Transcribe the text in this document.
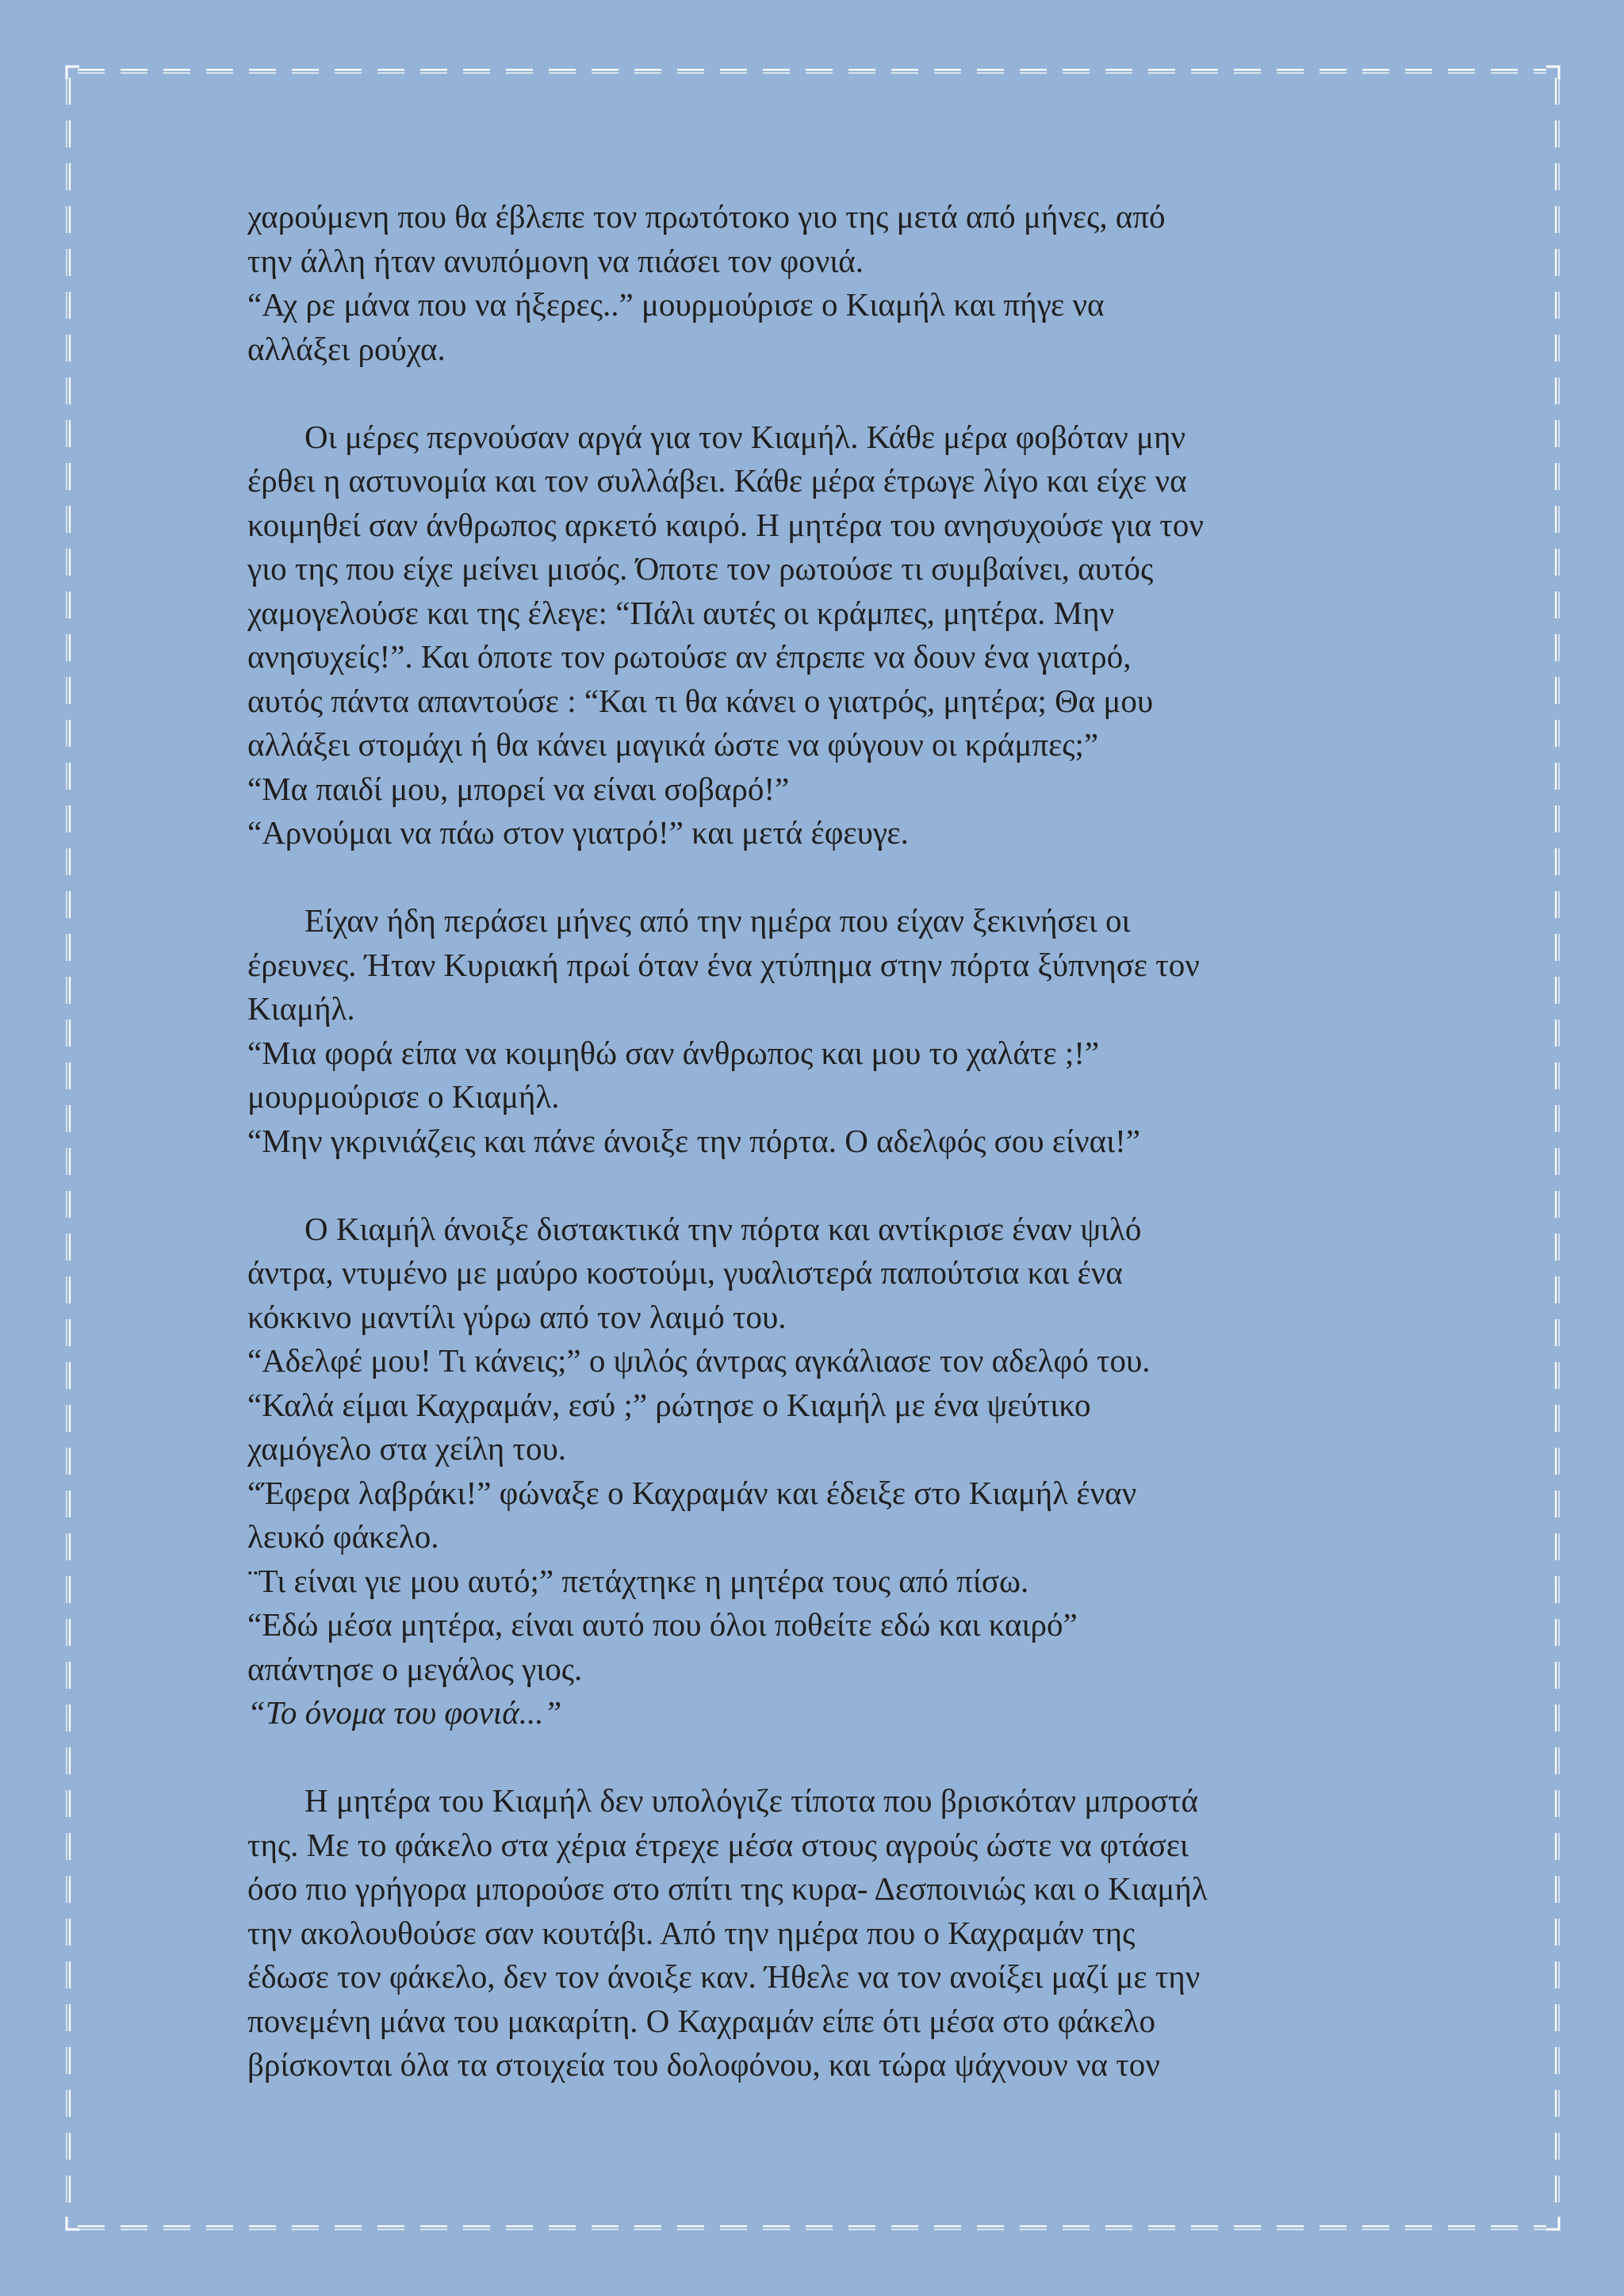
χαρούμενη που θα έβλεπε τον πρωτότοκο γιο της μετά από μήνες, από
την άλλη ήταν ανυπόμονη να πιάσει τον φονιά.
“Αχ ρε μάνα που να ήξερες..” μουρμούρισε ο Κιαμήλ και πήγε να
αλλάξει ρούχα.
Οι μέρες περνούσαν αργά για τον Κιαμήλ. Κάθε μέρα φοβόταν μην
έρθει η αστυνομία και τον συλλάβει. Κάθε μέρα έτρωγε λίγο και είχε να
κοιμηθεί σαν άνθρωπος αρκετό καιρό. Η μητέρα του ανησυχούσε για τον
γιο της που είχε μείνει μισός. Όποτε τον ρωτούσε τι συμβαίνει, αυτός
χαμογελούσε και της έλεγε: “Πάλι αυτές οι κράμπες, μητέρα. Μην
ανησυχείς!”. Και όποτε τον ρωτούσε αν έπρεπε να δουν ένα γιατρό,
αυτός πάντα απαντούσε : “Και τι θα κάνει ο γιατρός, μητέρα; Θα μου
αλλάξει στομάχι ή θα κάνει μαγικά ώστε να φύγουν οι κράμπες;”
“Μα παιδί μου, μπορεί να είναι σοβαρό!”
“Αρνούμαι να πάω στον γιατρό!” και μετά έφευγε.
Είχαν ήδη περάσει μήνες από την ημέρα που είχαν ξεκινήσει οι
έρευνες. Ήταν Κυριακή πρωί όταν ένα χτύπημα στην πόρτα ξύπνησε τον
Κιαμήλ.
“Μια φορά είπα να κοιμηθώ σαν άνθρωπος και μου το χαλάτε ;!”
μουρμούρισε ο Κιαμήλ.
“Μην γκρινιάζεις και πάνε άνοιξε την πόρτα. Ο αδελφός σου είναι!”
Ο Κιαμήλ άνοιξε διστακτικά την πόρτα και αντίκρισε έναν ψιλό
άντρα, ντυμένο με μαύρο κοστούμι, γυαλιστερά παπούτσια και ένα
κόκκινο μαντίλι γύρω από τον λαιμό του.
“Αδελφέ μου! Τι κάνεις;” ο ψιλός άντρας αγκάλιασε τον αδελφό του.
“Καλά είμαι Καχραμάν, εσύ ;” ρώτησε ο Κιαμήλ με ένα ψεύτικο
χαμόγελο στα χείλη του.
“Έφερα λαβράκι!” φώναξε ο Καχραμάν και έδειξε στο Κιαμήλ έναν
λευκό φάκελο.
¨Τι είναι γιε μου αυτό;” πετάχτηκε η μητέρα τους από πίσω.
“Εδώ μέσα μητέρα, είναι αυτό που όλοι ποθείτε εδώ και καιρό”
απάντησε ο μεγάλος γιος.
“Το όνομα του φονιά...”
Η μητέρα του Κιαμήλ δεν υπολόγιζε τίποτα που βρισκόταν μπροστά
της. Με το φάκελο στα χέρια έτρεχε μέσα στους αγρούς ώστε να φτάσει
όσο πιο γρήγορα μπορούσε στο σπίτι της κυρα- Δεσποινιώς και ο Κιαμήλ
την ακολουθούσε σαν κουτάβι. Από την ημέρα που ο Καχραμάν της
έδωσε τον φάκελο, δεν τον άνοιξε καν. Ήθελε να τον ανοίξει μαζί με την
πονεμένη μάνα του μακαρίτη. Ο Καχραμάν είπε ότι μέσα στο φάκελο
βρίσκονται όλα τα στοιχεία του δολοφόνου, και τώρα ψάχνουν να τον
